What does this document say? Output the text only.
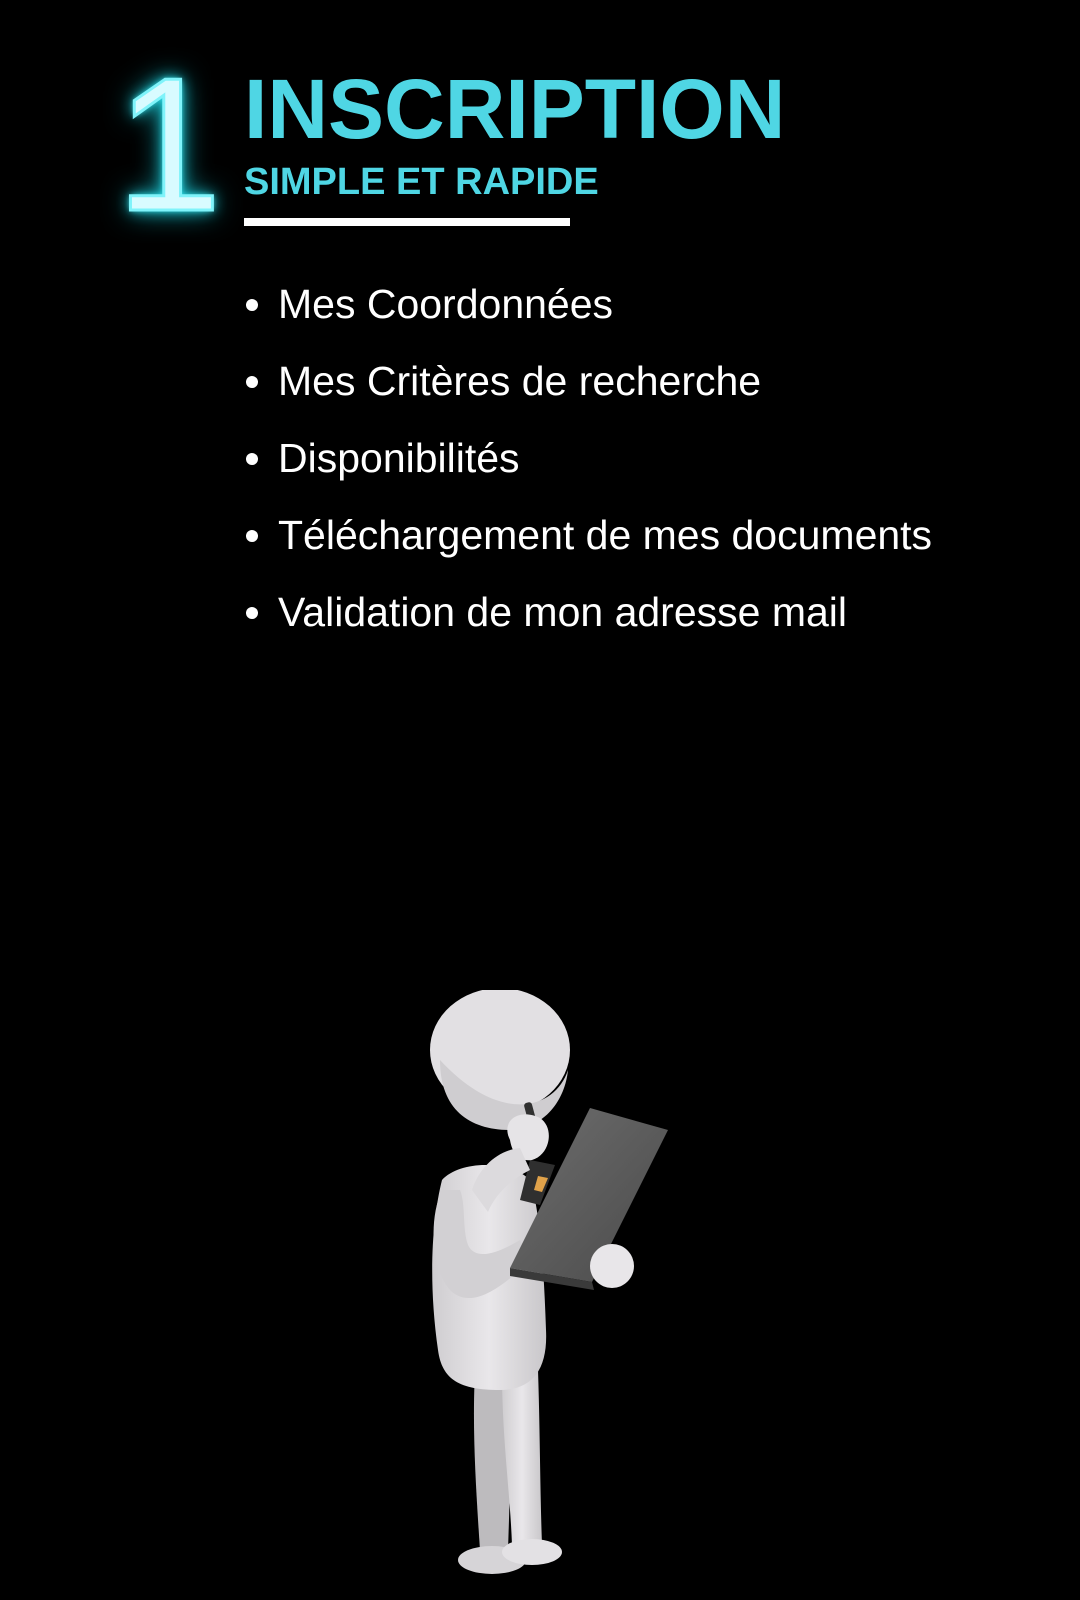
1 INSCRIPTION
SIMPLE ET RAPIDE
Mes Coordonnées
Mes Critères de recherche
Disponibilités
Téléchargement de mes documents
Validation de mon adresse mail
